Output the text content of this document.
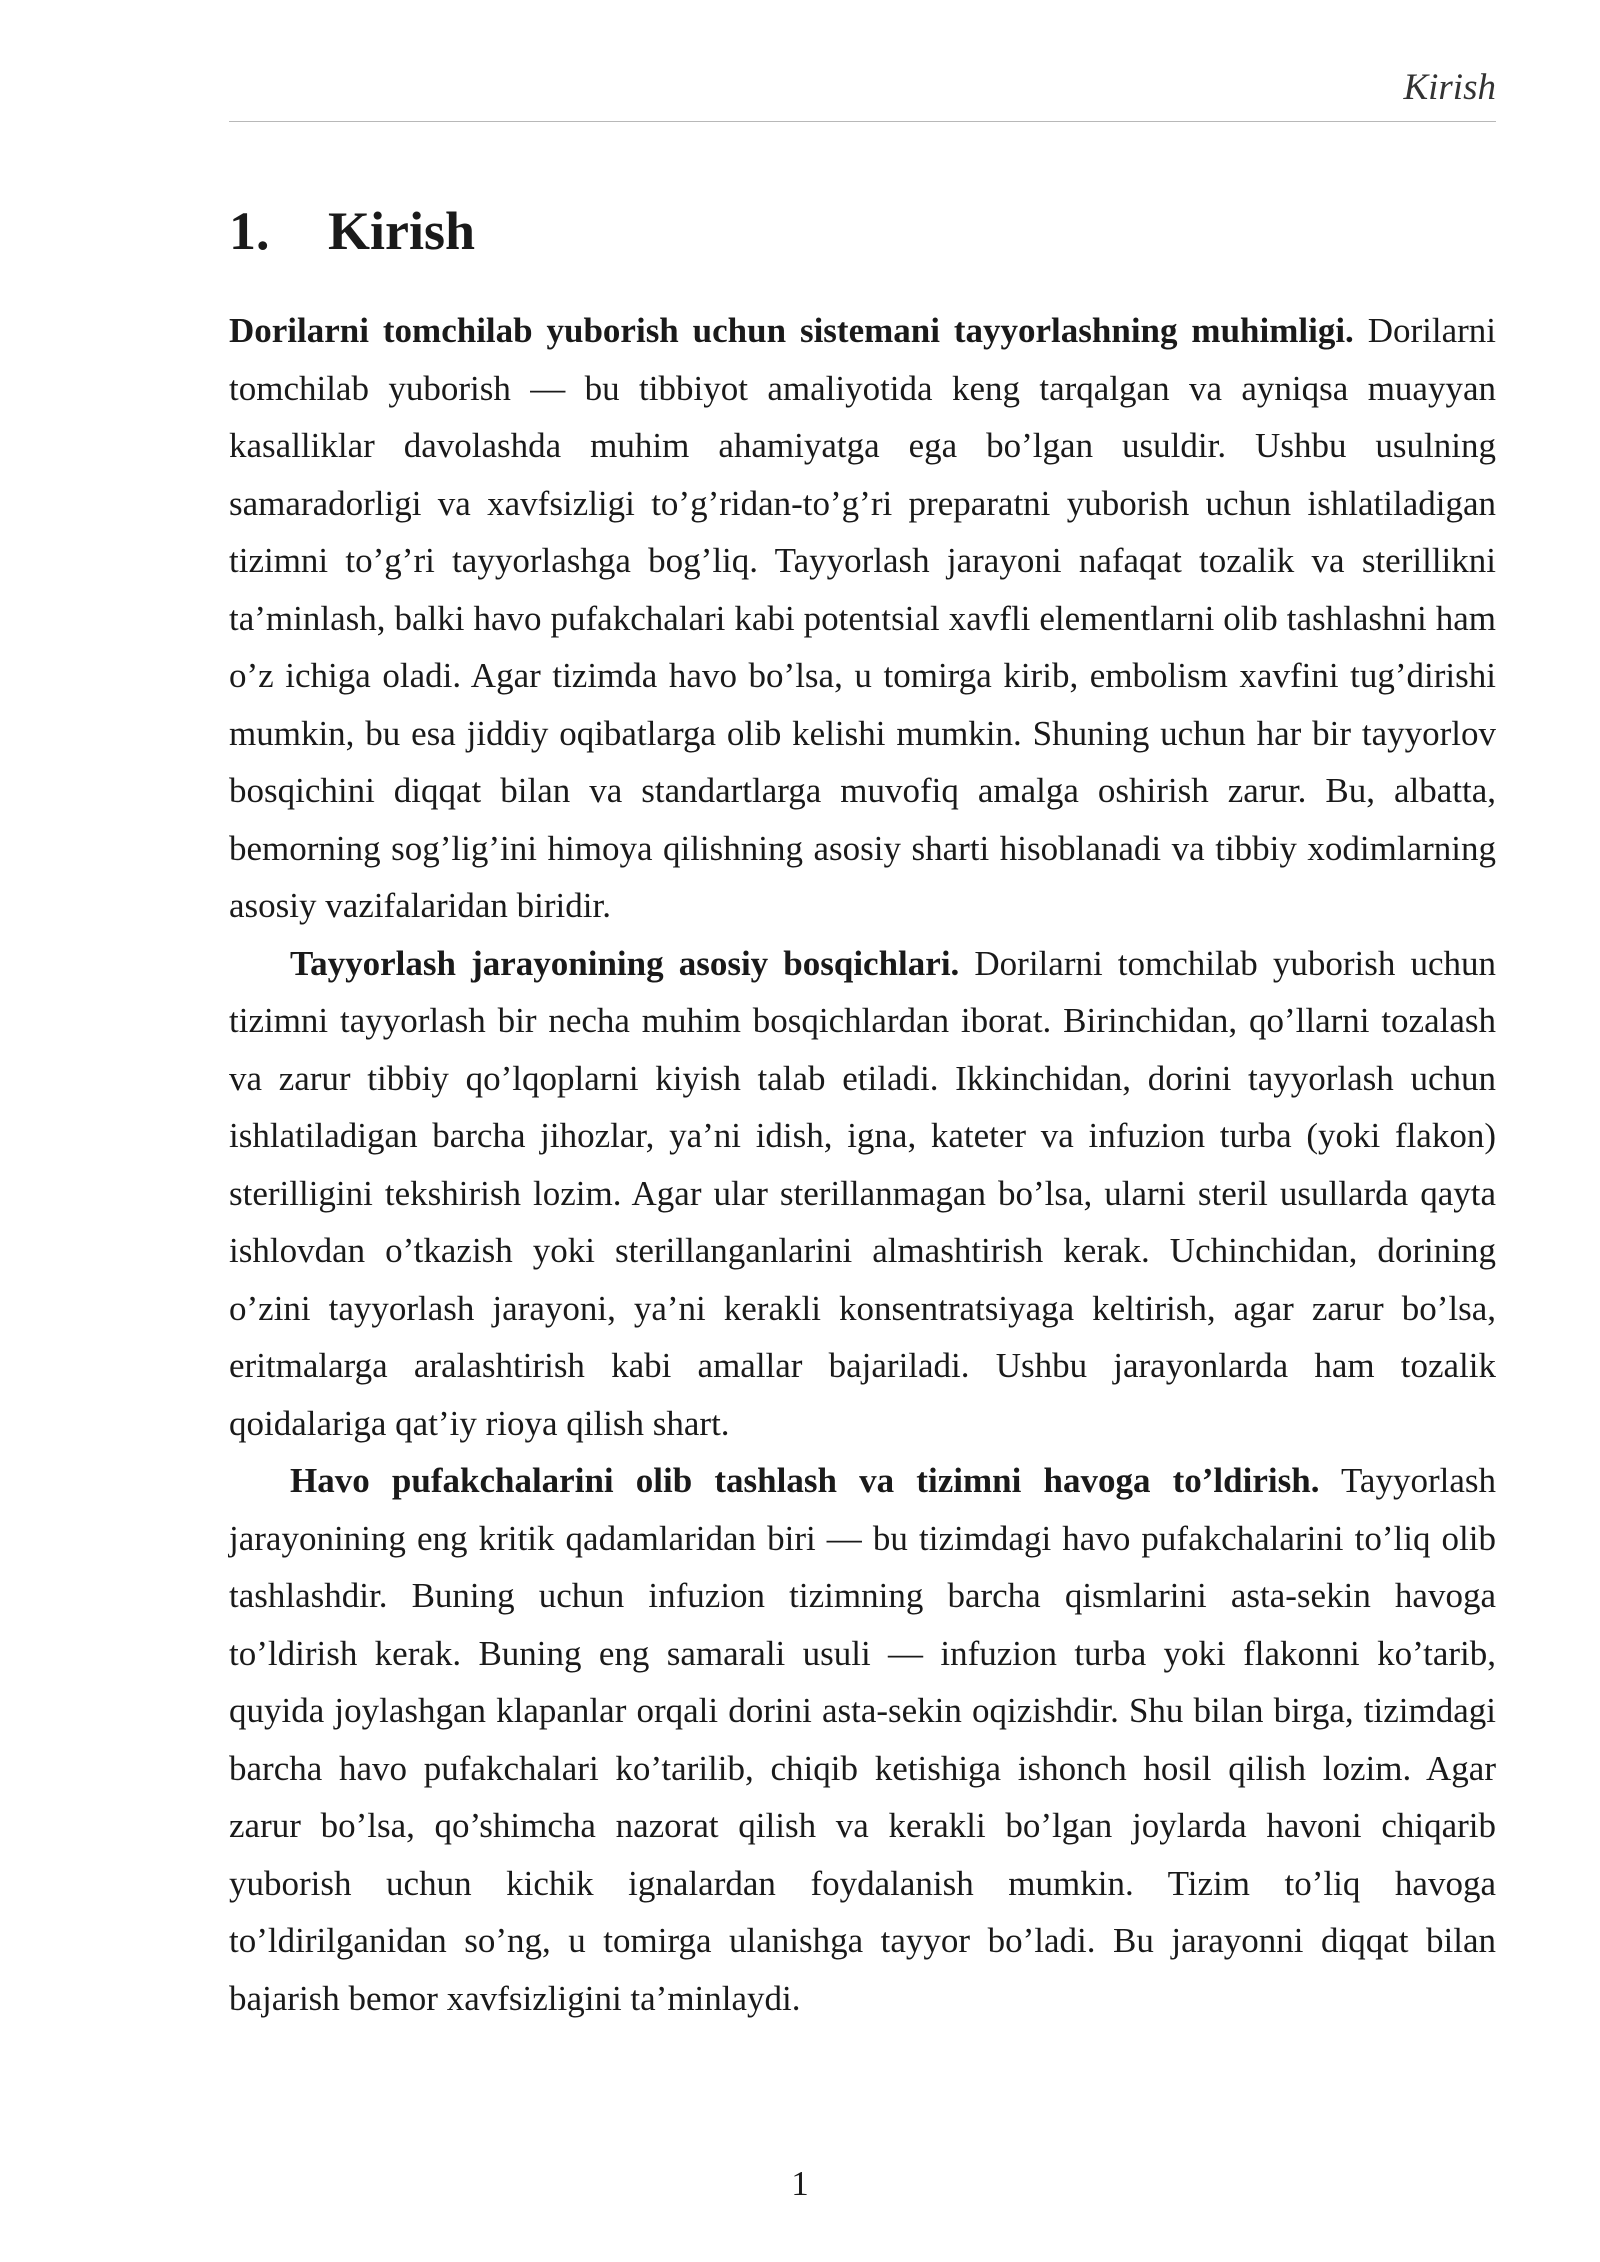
Kirish
1.	Kirish

Dorilarni tomchilab yuborish uchun sistemani tayyorlashning muhimligi. Dorilarni tomchilab yuborish — bu tibbiyot amaliyotida keng tarqalgan va ayniqsa muayyan kasalliklar davolashda muhim ahamiyatga ega bo’lgan usuldir. Ushbu usulning samaradorligi va xavfsizligi to’g’ridan-to’g’ri preparatni yuborish uchun ishlatiladigan tizimni to’g’ri tayyorlashga bog’liq. Tayyorlash jarayoni nafaqat tozalik va sterillikni ta’minlash, balki havo pufakchalari kabi potentsial xavfli elementlarni olib tashlashni ham o’z ichiga oladi. Agar tizimda havo bo’lsa, u tomirga kirib, embolism xavfini tug’dirishi mumkin, bu esa jiddiy oqibatlarga olib kelishi mumkin. Shuning uchun har bir tayyorlov bosqichini diqqat bilan va standartlarga muvofiq amalga oshirish zarur. Bu, albatta, bemorning sog’lig’ini himoya qilishning asosiy sharti hisoblanadi va tibbiy xodimlarning asosiy vazifalaridan biridir.

Tayyorlash jarayonining asosiy bosqichlari. Dorilarni tomchilab yuborish uchun tizimni tayyorlash bir necha muhim bosqichlardan iborat. Birinchidan, qo’llarni tozalash va zarur tibbiy qo’lqoplarni kiyish talab etiladi. Ikkinchidan, dorini tayyorlash uchun ishlatiladigan barcha jihozlar, ya’ni idish, igna, kateter va infuzion turba (yoki flakon) sterilligini tekshirish lozim. Agar ular sterillanmagan bo’lsa, ularni steril usullarda qayta ishlovdan o’tkazish yoki sterillanganlarini almashtirish kerak. Uchinchidan, dorining o’zini tayyorlash jarayoni, ya’ni kerakli konsentratsiyaga keltirish, agar zarur bo’lsa, eritmalarga aralashtirish kabi amallar bajariladi. Ushbu jarayonlarda ham tozalik qoidalariga qat’iy rioya qilish shart.

Havo pufakchalarini olib tashlash va tizimni havoga to’ldirish. Tayyorlash jarayonining eng kritik qadamlaridan biri — bu tizimdagi havo pufakchalarini to’liq olib tashlashdir. Buning uchun infuzion tizimning barcha qismlarini asta-sekin havoga to’ldirish kerak. Buning eng samarali usuli — infuzion turba yoki flakonni ko’tarib, quyida joylashgan klapanlar orqali dorini asta-sekin oqizishdir. Shu bilan birga, tizimdagi barcha havo pufakchalari ko’tarilib, chiqib ketishiga ishonch hosil qilish lozim. Agar zarur bo’lsa, qo’shimcha nazorat qilish va kerakli bo’lgan joylarda havoni chiqarib yuborish uchun kichik ignalardan foydalanish mumkin. Tizim to’liq havoga to’ldirilganidan so’ng, u tomirga ulanishga tayyor bo’ladi. Bu jarayonni diqqat bilan bajarish bemor xavfsizligini ta’minlaydi.

1
